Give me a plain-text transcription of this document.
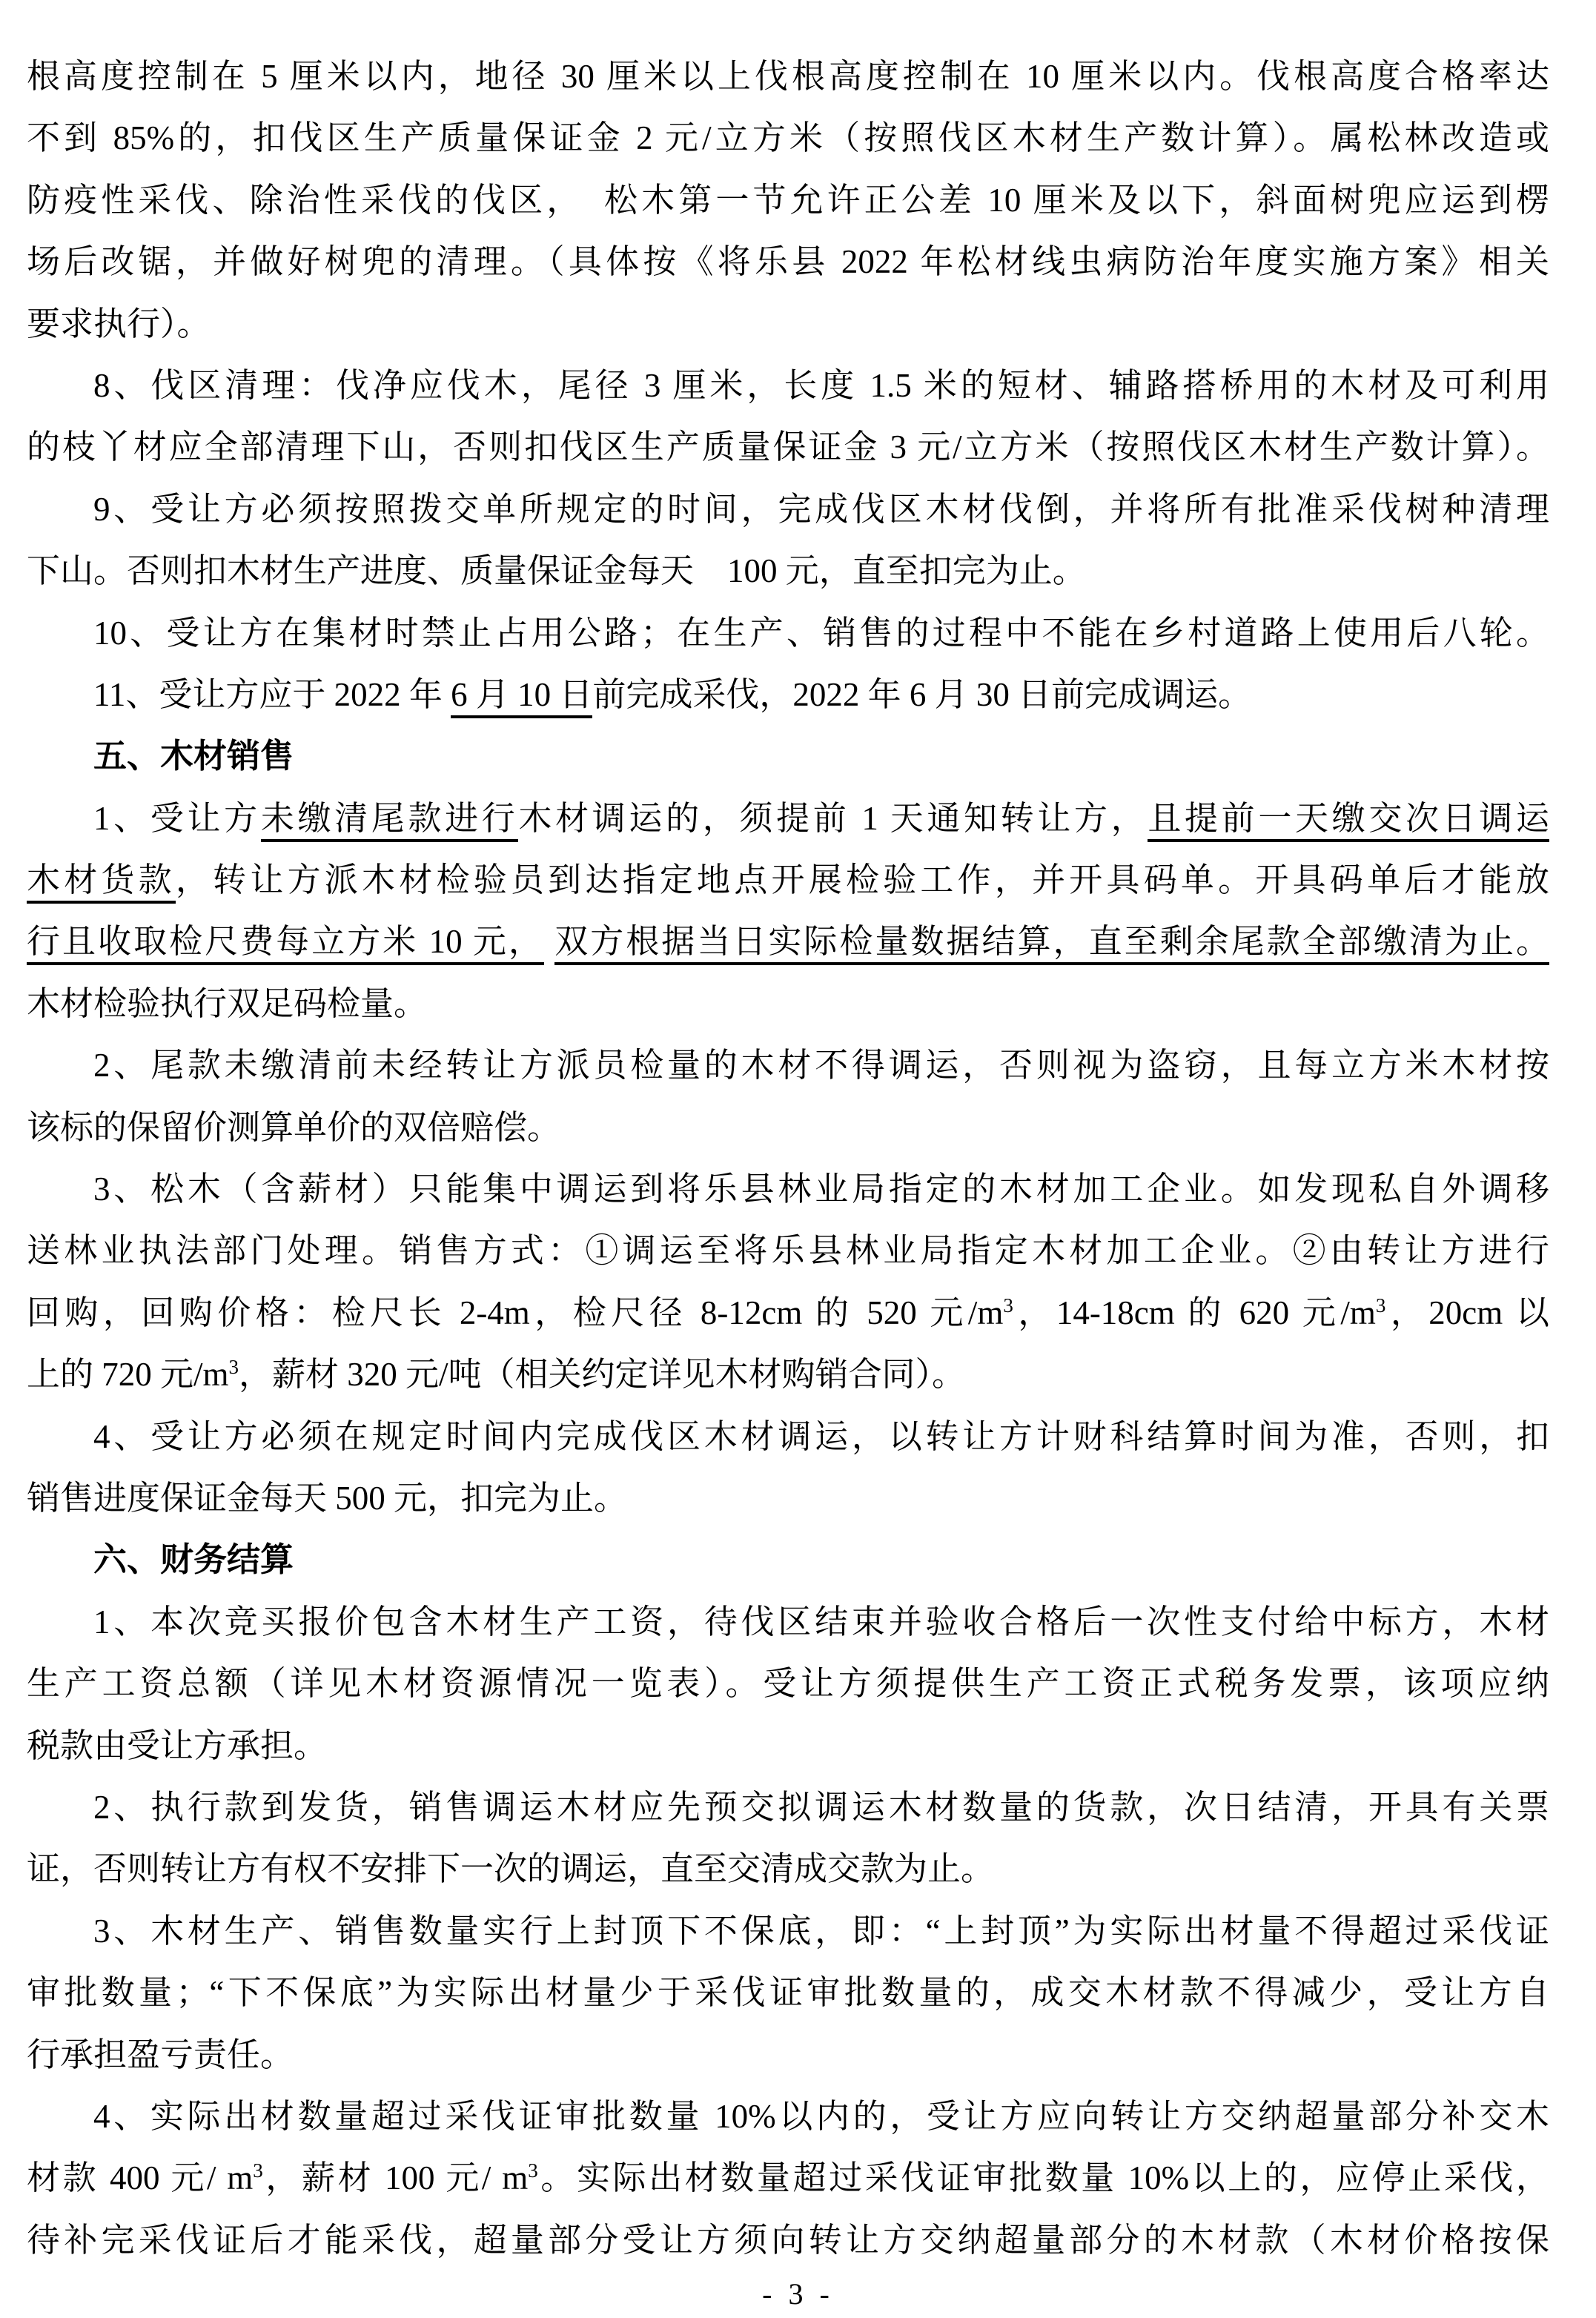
根高度控制在 5 厘米以内，地径 30 厘米以上伐根高度控制在 10 厘米以内。伐根高度合格率达
不到 85%的，扣伐区生产质量保证金 2 元/立方米（按照伐区木材生产数计算）。属松林改造或
防疫性采伐、除治性采伐的伐区，　松木第一节允许正公差 10 厘米及以下，斜面树兜应运到楞
场后改锯，并做好树兜的清理。（具体按《将乐县 2022 年松材线虫病防治年度实施方案》相关
要求执行）。
8、伐区清理：伐净应伐木，尾径 3 厘米，长度 1.5 米的短材、辅路搭桥用的木材及可利用
的枝丫材应全部清理下山，否则扣伐区生产质量保证金 3 元/立方米（按照伐区木材生产数计算）。
9、受让方必须按照拨交单所规定的时间，完成伐区木材伐倒，并将所有批准采伐树种清理
下山。否则扣木材生产进度、质量保证金每天　100 元，直至扣完为止。
10、受让方在集材时禁止占用公路；在生产、销售的过程中不能在乡村道路上使用后八轮。
11、受让方应于 2022 年 6 月 10 日前完成采伐，2022 年 6 月 30 日前完成调运。
五、木材销售
1、受让方未缴清尾款进行木材调运的，须提前 1 天通知转让方，且提前一天缴交次日调运
木材货款，转让方派木材检验员到达指定地点开展检验工作，并开具码单。开具码单后才能放
行且收取检尺费每立方米 10 元， 双方根据当日实际检量数据结算，直至剩余尾款全部缴清为止。
木材检验执行双足码检量。
2、尾款未缴清前未经转让方派员检量的木材不得调运，否则视为盗窃，且每立方米木材按
该标的保留价测算单价的双倍赔偿。
3、松木（含薪材）只能集中调运到将乐县林业局指定的木材加工企业。如发现私自外调移
送林业执法部门处理。销售方式：①调运至将乐县林业局指定木材加工企业。②由转让方进行
回购，回购价格：检尺长 2-4m，检尺径 8-12cm 的 520 元$/m^3$，14-18cm 的 620 元$/m^3$，20cm 以
上的 720 元$/m^3$，薪材 320 元/吨（相关约定详见木材购销合同）。
4、受让方必须在规定时间内完成伐区木材调运，以转让方计财科结算时间为准，否则，扣
销售进度保证金每天 500 元，扣完为止。
六、财务结算
1、本次竞买报价包含木材生产工资，待伐区结束并验收合格后一次性支付给中标方，木材
生产工资总额（详见木材资源情况一览表）。受让方须提供生产工资正式税务发票，该项应纳
税款由受让方承担。
2、执行款到发货，销售调运木材应先预交拟调运木材数量的货款，次日结清，开具有关票
证，否则转让方有权不安排下一次的调运，直至交清成交款为止。
3、木材生产、销售数量实行上封顶下不保底，即：“上封顶”为实际出材量不得超过采伐证
审批数量；“下不保底”为实际出材量少于采伐证审批数量的，成交木材款不得减少，受让方自
行承担盈亏责任。
4、实际出材数量超过采伐证审批数量 10%以内的，受让方应向转让方交纳超量部分补交木
材款 400 元/ $m^3$，薪材 100 元/ $m^3$。实际出材数量超过采伐证审批数量 10%以上的，应停止采伐，
待补完采伐证后才能采伐，超量部分受让方须向转让方交纳超量部分的木材款（木材价格按保
- 3 -
